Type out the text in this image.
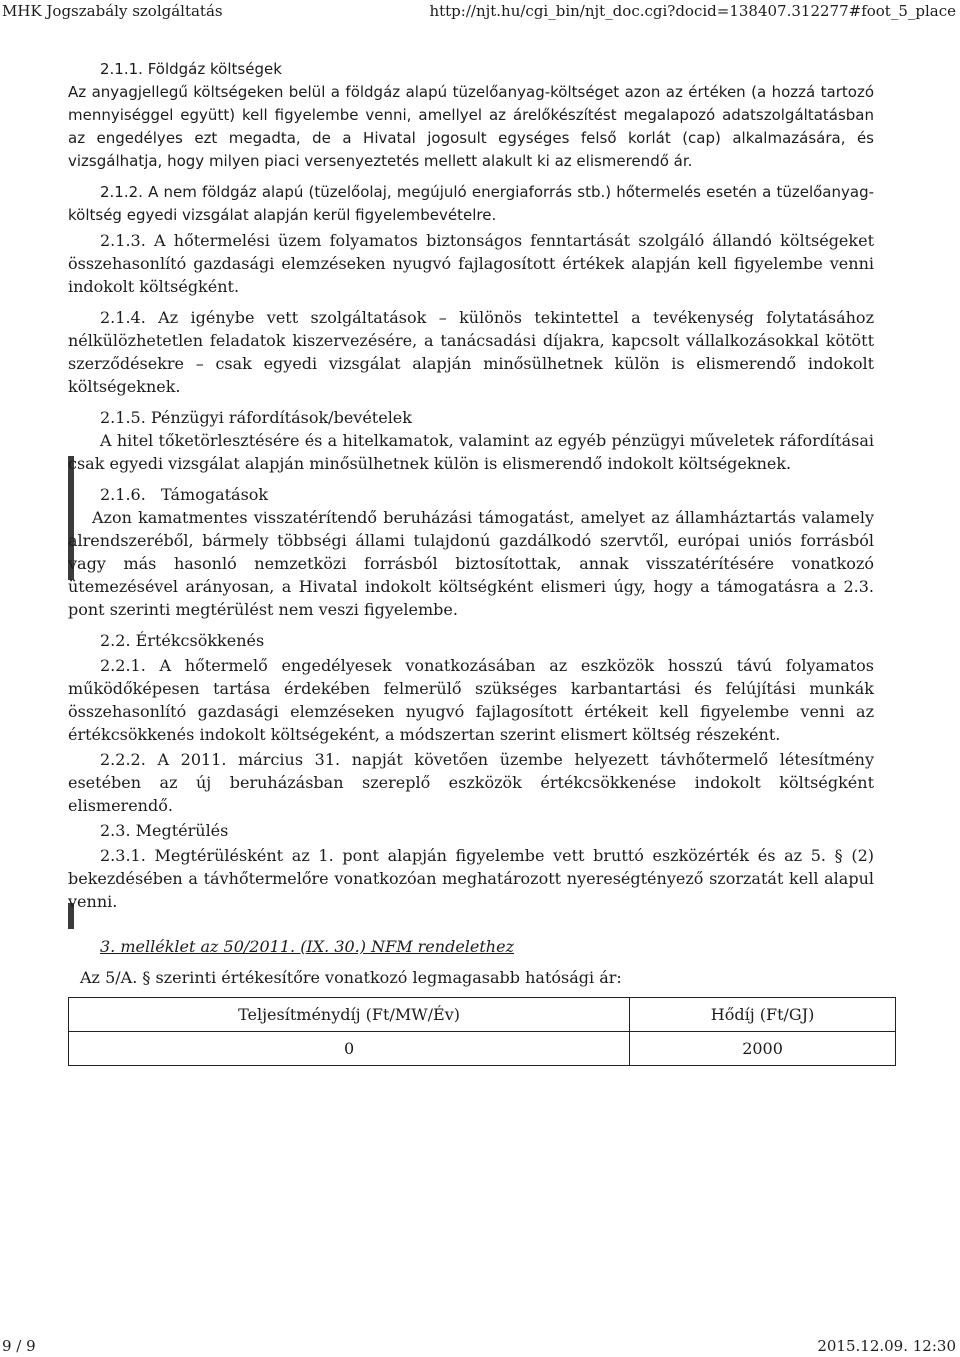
MHK Jogszabály szolgáltatás	http://njt.hu/cgi_bin/njt_doc.cgi?docid=138407.312277#foot_5_place

2.1.1. Földgáz költségek

Az anyagjellegű költségeken belül a földgáz alapú tüzelőanyag-költséget azon az értéken (a hozzá tartozó mennyiséggel együtt) kell figyelembe venni, amellyel az árelőkészítést megalapozó adatszolgáltatásban az engedélyes ezt megadta, de a Hivatal jogosult egységes felső korlát (cap) alkalmazására, és vizsgálhatja, hogy milyen piaci versenyeztetés mellett alakult ki az elismerendő ár.

2.1.2. A nem földgáz alapú (tüzelőolaj, megújuló energiaforrás stb.) hőtermelés esetén a tüzelőanyag-költség egyedi vizsgálat alapján kerül figyelembevételre.

2.1.3. A hőtermelési üzem folyamatos biztonságos fenntartását szolgáló állandó költségeket összehasonlító gazdasági elemzéseken nyugvó fajlagosított értékek alapján kell figyelembe venni indokolt költségként.

2.1.4. Az igénybe vett szolgáltatások – különös tekintettel a tevékenység folytatásához nélkülözhetetlen feladatok kiszervezésére, a tanácsadási díjakra, kapcsolt vállalkozásokkal kötött szerződésekre – csak egyedi vizsgálat alapján minősülhetnek külön is elismerendő indokolt költségeknek.

2.1.5. Pénzügyi ráfordítások/bevételek

A hitel tőketörlesztésére és a hitelkamatok, valamint az egyéb pénzügyi műveletek ráfordításai csak egyedi vizsgálat alapján minősülhetnek külön is elismerendő indokolt költségeknek.

2.1.6.   Támogatások

Azon kamatmentes visszatérítendő beruházási támogatást, amelyet az államháztartás valamely alrendszeréből, bármely többségi állami tulajdonú gazdálkodó szervtől, európai uniós forrásból vagy más hasonló nemzetközi forrásból biztosítottak, annak visszatérítésére vonatkozó ütemezésével arányosan, a Hivatal indokolt költségként elismeri úgy, hogy a támogatásra a 2.3. pont szerinti megtérülést nem veszi figyelembe.

2.2. Értékcsökkenés

2.2.1. A hőtermelő engedélyesek vonatkozásában az eszközök hosszú távú folyamatos működőképesen tartása érdekében felmerülő szükséges karbantartási és felújítási munkák összehasonlító gazdasági elemzéseken nyugvó fajlagosított értékeit kell figyelembe venni az értékcsökkenés indokolt költségeként, a módszertan szerint elismert költség részeként.

2.2.2. A 2011. március 31. napját követően üzembe helyezett távhőtermelő létesítmény esetében az új beruházásban szereplő eszközök értékcsökkenése indokolt költségként elismerendő.

2.3. Megtérülés

2.3.1. Megtérülésként az 1. pont alapján figyelembe vett bruttó eszközérték és az 5. § (2) bekezdésében a távhőtermelőre vonatkozóan meghatározott nyereségtényező szorzatát kell alapul venni.

3. melléklet az 50/2011. (IX. 30.) NFM rendelethez

Az 5/A. § szerinti értékesítőre vonatkozó legmagasabb hatósági ár:

Teljesítménydíj (Ft/MW/Év)	Hődíj (Ft/GJ)
0	2000
9 / 9	2015.12.09. 12:30
